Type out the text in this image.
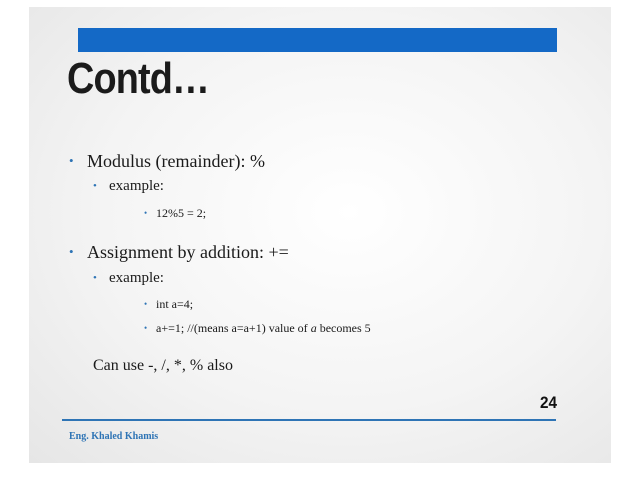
Contd…
• Modulus (remainder): %
• example:
• 12%5 = 2;
• Assignment by addition: +=
• example:
• int a=4;
• a+=1; //(means a=a+1) value of a becomes 5
Can use -, /, *, % also
24
Eng. Khaled Khamis
